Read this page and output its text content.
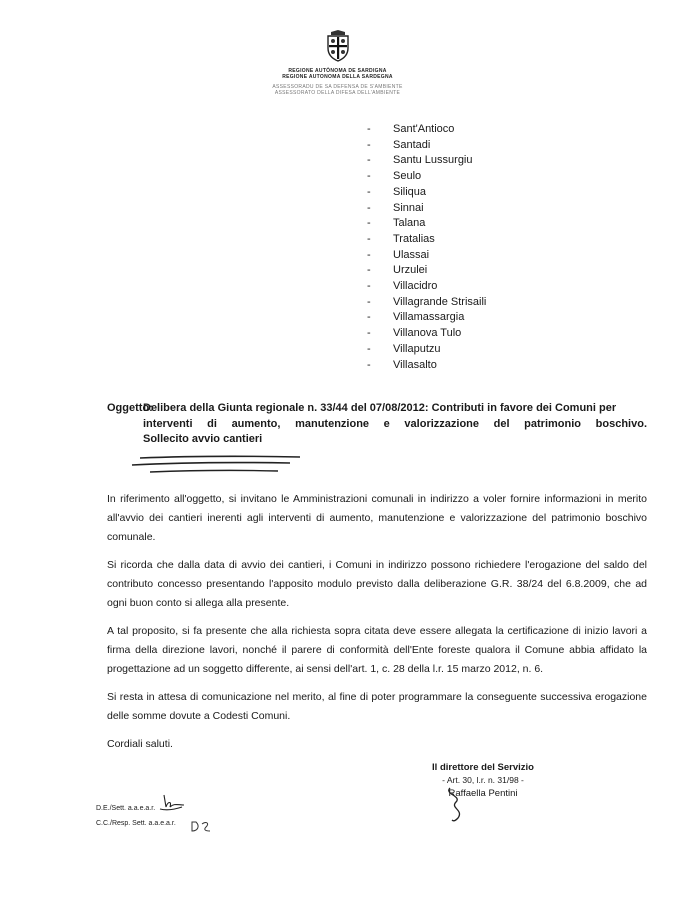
REGIONE AUTÒNOMA DE SARDIGNA
REGIONE AUTONOMA DELLA SARDEGNA
ASSESSORADU DE SA DEFENSA DE S'AMBIENTE
ASSESSORATO DELLA DIFESA DELL'AMBIENTE
- Sant'Antioco
- Santadi
- Santu Lussurgiu
- Seulo
- Siliqua
- Sinnai
- Talana
- Tratalias
- Ulassai
- Urzulei
- Villacidro
- Villagrande Strisaili
- Villamassargia
- Villanova Tulo
- Villaputzu
- Villasalto
Oggetto:
Delibera della Giunta regionale n. 33/44 del 07/08/2012: Contributi in favore dei Comuni per
interventi di aumento, manutenzione e valorizzazione del patrimonio boschivo.
Sollecito avvio cantieri

In riferimento all'oggetto, si invitano le Amministrazioni comunali in indirizzo a voler fornire informazioni in merito all'avvio dei cantieri inerenti agli interventi di aumento, manutenzione e valorizzazione del patrimonio boschivo comunale.

Si ricorda che dalla data di avvio dei cantieri, i Comuni in indirizzo possono richiedere l'erogazione del saldo del contributo concesso presentando l'apposito modulo previsto dalla deliberazione G.R. 38/24 del 6.8.2009, che ad ogni buon conto si allega alla presente.

A tal proposito, si fa presente che alla richiesta sopra citata deve essere allegata la certificazione di inizio lavori a firma della direzione lavori, nonché il parere di conformità dell'Ente foreste qualora il Comune abbia affidato la progettazione ad un soggetto differente, ai sensi dell'art. 1, c. 28 della l.r. 15 marzo 2012, n. 6.

Si resta in attesa di comunicazione nel merito, al fine di poter programmare la conseguente successiva erogazione delle somme dovute a Codesti Comuni.

Cordiali saluti.

Il direttore del Servizio
- Art. 30, l.r. n. 31/98 -
Raffaella Pentini
D.E./Sett. a.a.e.a.r.
C.C./Resp. Sett. a.a.e.a.r.
